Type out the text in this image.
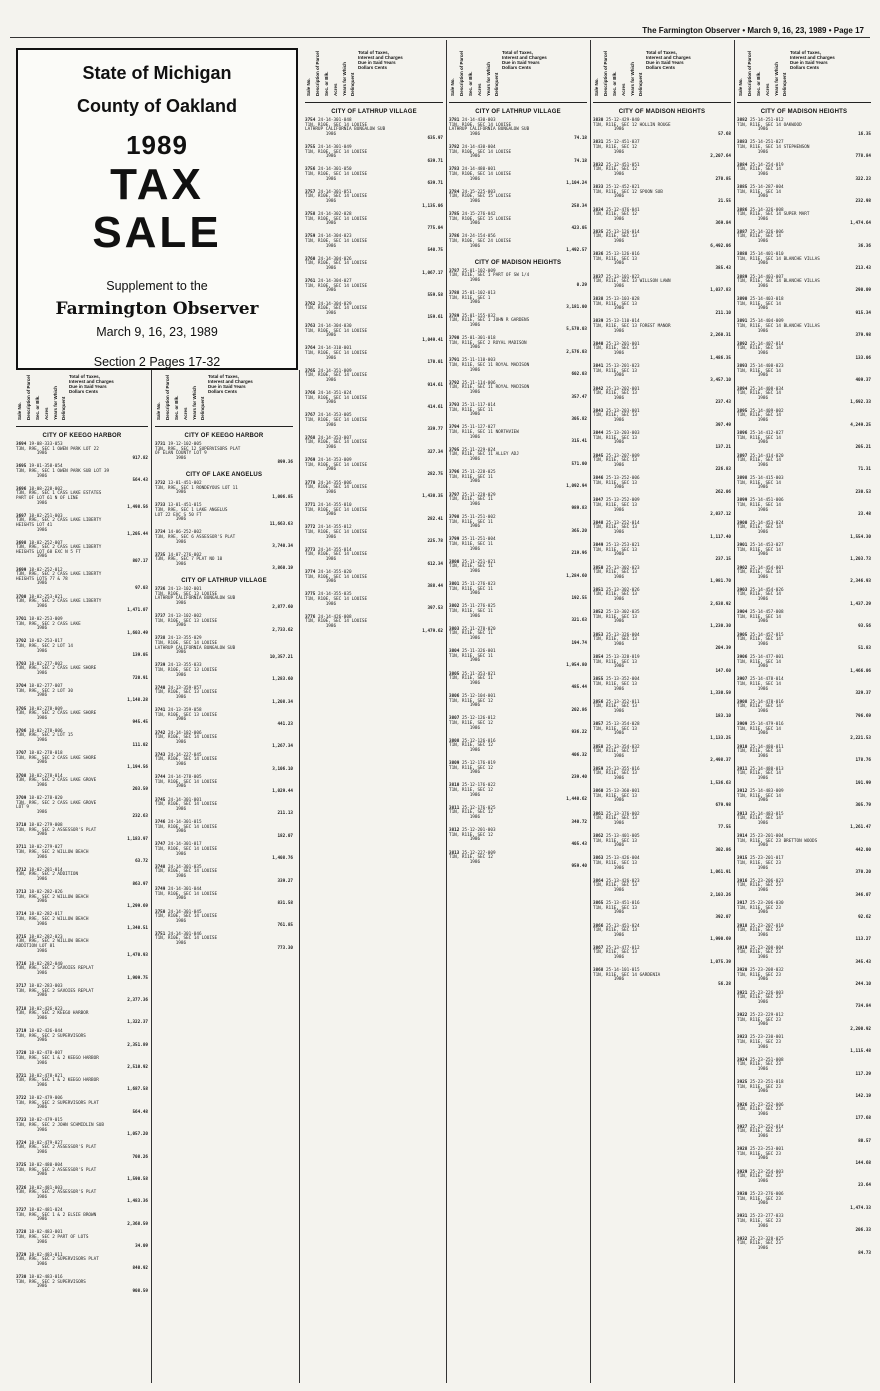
The Farmington Observer • March 9, 16, 23, 1989 • Page 17
State of Michigan
County of Oakland
1989
TAX
SALE
Supplement to the
Farmington Observer
March 9, 16, 23, 1989
Section 2 Pages 17-32
Sale No. Description of Parcel Sec. or Blk. Acres Years for Which Delinquent
Total of Taxes, Interest and Charges Due in Said Years Dollars Cents
CITY OF KEEGO HARBOR
3694 19-08-333-053
T3N, R9E, SEC 1 OWEN PARK LOT 22
1986
917.82
3695 19-01-358-054
T3N, R9E, SEC 1 OWEN PARK SUB LOT 39
1986
564.43
3696 18-08-228-002
T3N, R9E, SEC 1 CASS LAKE ESTATES
PART OF LOT 61 N OF LINE
1986
1,498.56
3697 18-02-251-003
T3N, R9E, SEC 2 CASS LAKE LIBERTY
HEIGHTS LOT 41
1986
1,205.44
3698 18-02-252-007
T3N, R9E, SEC 2 CASS LAKE LIBERTY
HEIGHTS LOT 68 EXC N 5 FT
1986
807.17
3699 18-02-252-012
T3N, R9E, SEC 2 CASS LAKE LIBERTY
HEIGHTS LOTS 77 & 78
1986
97.03
3700 18-02-253-021
T3N, R9E, SEC 2 CASS LAKE LIBERTY
1986
1,471.07
3701 18-02-253-009
T3N, R9E, SEC 2 CASS LAKE
1986
1,603.49
3702 18-02-253-017
T3N, R9E, SEC 2 LOT 14
1986
139.05
3703 18-02-277-002
T3N, R9E, SEC 2 CASS LAKE SHORE
1986
720.91
3704 18-02-277-007
T3N, R9E, SEC 2 LOT 30
1986
1,148.28
3705 18-02-278-009
T3N, R9E, SEC 2 CASS LAKE SHORE
1986
945.45
3706 18-02-278-006
T3N, R9E, SEC 2 LOT 15
1986
111.02
3707 18-02-278-018
T3N, R9E, SEC 2 CASS LAKE SHORE
1986
1,194.56
3708 18-02-278-014
T3N, R9E, SEC 2 CASS LAKE GROVE
1986
203.59
3709 18-02-278-020
T3N, R9E, SEC 2 CASS LAKE GROVE
LOT 9
1986
232.63
3710 18-02-279-008
T3N, R9E, SEC 2 ASSESSOR'S PLAT
1986
1,183.97
3711 18-02-279-027
T3N, R9E, SEC 2 WILLOW BEACH
1986
63.72
3712 18-02-281-014
T3N, R9E, SEC 2 ADDITION
1986
863.97
3713 18-02-282-026
T3N, R9E, SEC 2 WILLOW BEACH
1986
1,299.69
3714 18-02-282-017
T3N, R9E, SEC 2 WILLOW BEACH
1986
1,340.51
3715 18-02-282-023
T3N, R9E, SEC 2 WILLOW BEACH
ADDITION LOT 81
1986
1,470.93
3716 18-02-282-040
T3N, R9E, SEC 2 SAVOIES REPLAT
1986
1,909.75
3717 18-02-283-003
T3N, R9E, SEC 2 SAVOIES REPLAT
1986
2,377.36
3718 18-02-426-023
T3N, R9E, SEC 2 KEEGO HARBOR
1986
1,322.37
3719 18-02-426-044
T3N, R9E, SEC 2 SUPERVISORS
1986
2,351.89
3720 18-02-478-007
T3N, R9E, SEC 1 & 2 KEEGO HARBOR
1986
2,510.92
3721 18-02-478-021
T3N, R9E, SEC 1 & 2 KEEGO HARBOR
1986
1,687.58
3722 18-02-479-006
T3N, R9E, SEC 2 SUPERVISORS PLAT
1986
564.48
3723 18-02-479-015
T3N, R9E, SEC 2 JOHN SCHMIDLIN SUB
1986
1,057.20
3724 18-02-479-027
T3N, R9E, SEC 2 ASSESSOR'S PLAT
1986
708.26
3725 18-02-480-004
T3N, R9E, SEC 2 ASSESSOR'S PLAT
1986
1,590.58
3726 18-02-481-003
T3N, R9E, SEC 2 ASSESSOR'S PLAT
1986
1,483.36
3727 18-02-481-024
T3N, R9E, SEC 1 & 2 ELSIE BROWN
1986
2,368.59
3728 18-02-483-001
T3N, R9E, SEC 2 PART OF LOTS
1986
34.09
3729 18-02-483-011
T3N, R9E, SEC 2 SUPERVISORS PLAT
1986
840.92
3730 18-02-483-016
T3N, R9E, SEC 2 SUPERVISORS
1986
908.59
Sale No. Description of Parcel Sec. or Blk. Acres Years for Which Delinquent
Total of Taxes, Interest and Charges Due in Said Years Dollars Cents
CITY OF KEEGO HARBOR
3731 19-12-102-005
T3N, R9E, SEC 12 SUPERVISORS PLAT
OF ELAN COUNTY LOT 9
1986
899.36
CITY OF LAKE ANGELUS
3732 13-01-451-002
T3N, R9E, SEC 1 RONDEYOUS LOT 11
1986
1,006.85
3733 13-01-451-015
T3N, R9E, SEC 1 LAKE ANGELUS
LOT 22 EXC S 50 FT
1986
11,663.63
3734 14-06-252-002
T3N, R9E, SEC 6 ASSESSOR'S PLAT
1986
3,740.34
3735 14-07-276-002
T3N, R9E, SEC 7 PLAT NO 10
1986
3,860.19
CITY OF LATHRUP VILLAGE
3736 24-13-102-001
T1N, R10E, SEC 13 LOUISE
LATHRUP CALIFORNIA BUNGALOW SUB
1986
2,877.60
3737 24-13-102-002
T1N, R10E, SEC 13 LOUISE
1986
2,733.62
3738 24-13-355-029
T1N, R10E, SEC 14 LOUISE
LATHRUP CALIFORNIA BUNGALOW SUB
1986
10,357.21
3739 24-13-355-033
T1N, R10E, SEC 13 LOUISE
1986
1,283.60
3740 24-13-359-057
T1N, R10E, SEC 13 LOUISE
1986
1,208.34
3741 24-13-359-058
T1N, R10E, SEC 13 LOUISE
1986
441.23
3742 24-14-182-006
T1N, R10E, SEC 14 LOUISE
1986
1,267.34
3743 24-14-227-045
T1N, R10E, SEC 14 LOUISE
1986
3,106.10
3744 24-14-278-005
T1N, R10E, SEC 14 LOUISE
1986
1,029.44
3745 24-14-301-001
T1N, R10E, SEC 14 LOUISE
1986
211.13
3746 24-14-301-015
T1N, R10E, SEC 14 LOUISE
1986
182.07
3747 24-14-301-017
T1N, R10E, SEC 14 LOUISE
1986
1,408.76
3748 24-14-301-035
T1N, R10E, SEC 14 LOUISE
1986
339.27
3749 24-14-301-044
T1N, R10E, SEC 14 LOUISE
1986
831.58
3750 24-14-301-045
T1N, R10E, SEC 14 LOUISE
1986
761.85
3751 24-14-301-046
T1N, R10E, SEC 14 LOUISE
1986
773.30
Sale No. Description of Parcel Sec. or Blk. Acres Years for Which Delinquent
Total of Taxes, Interest and Charges Due in Said Years Dollars Cents
CITY OF LATHRUP VILLAGE
3754 24-14-301-048
T1N, R10E, SEC 14 LOUISE
LATHRUP CALIFORNIA BUNGALOW SUB
1986
635.97
3755 24-14-301-049
T1N, R10E, SEC 14 LOUISE
1986
639.71
3756 24-14-301-050
T1N, R10E, SEC 14 LOUISE
1986
639.71
3757 24-14-301-051
T1N, R10E, SEC 14 LOUISE
1986
1,135.06
3758 24-14-302-028
T1N, R10E, SEC 14 LOUISE
1986
775.04
3759 24-14-304-023
T1N, R10E, SEC 14 LOUISE
1986
540.75
3760 24-14-304-026
T1N, R10E, SEC 14 LOUISE
1986
1,067.17
3761 24-14-304-027
T1N, R10E, SEC 14 LOUISE
1986
559.58
3762 24-14-304-029
T1N, R10E, SEC 14 LOUISE
1986
159.61
3763 24-14-304-030
T1N, R10E, SEC 14 LOUISE
1986
1,049.41
3764 24-14-310-001
T1N, R10E, SEC 14 LOUISE
1986
170.01
3765 24-14-351-009
T1N, R10E, SEC 14 LOUISE
1986
914.61
3766 24-14-351-024
T1N, R10E, SEC 14 LOUISE
1986
414.61
3767 24-14-353-005
T1N, R10E, SEC 14 LOUISE
1986
339.77
3768 24-14-353-007
T1N, R10E, SEC 14 LOUISE
1986
327.34
3769 24-14-353-009
T1N, R10E, SEC 14 LOUISE
1986
282.75
3770 24-14-355-006
T1N, R10E, SEC 14 LOUISE
1986
1,430.35
3771 24-14-355-010
T1N, R10E, SEC 14 LOUISE
1986
282.41
3772 24-14-355-012
T1N, R10E, SEC 14 LOUISE
1986
225.78
3773 24-14-355-014
T1N, R10E, SEC 14 LOUISE
1986
612.34
3774 24-14-355-020
T1N, R10E, SEC 14 LOUISE
1986
388.44
3775 24-14-355-035
T1N, R10E, SEC 14 LOUISE
1986
397.53
3776 24-14-426-008
T1N, R10E, SEC 14 LOUISE
1986
1,479.62
Sale No. Description of Parcel Sec. or Blk. Acres Years for Which Delinquent
Total of Taxes, Interest and Charges Due in Said Years Dollars Cents
CITY OF LATHRUP VILLAGE
3781 24-14-430-003
T1N, R10E, SEC 14 LOUISE
LATHRUP CALIFORNIA BUNGALOW SUB
1986
74.18
3782 24-14-430-004
T1N, R10E, SEC 14 LOUISE
1986
74.18
3783 24-14-480-001
T1N, R10E, SEC 14 LOUISE
1986
1,104.24
3784 24-15-225-003
T1N, R10E, SEC 15 LOUISE
1986
258.34
3785 24-15-276-042
T1N, R10E, SEC 15 LOUISE
1986
423.05
3786 24-24-154-056
T1N, R10E, SEC 24 LOUISE
1986
1,492.57
CITY OF MADISON HEIGHTS
3787 25-01-102-009
T1N, R11E, SEC 1 PART OF SW 1/4
1986
0.29
3788 25-01-102-013
T1N, R11E, SEC 1
1986
3,181.00
3789 25-01-155-032
T1N, R11E, SEC 1 JOHN R GARDENS
1986
5,570.03
3790 25-01-301-018
T1N, R11E, SEC 2 ROYAL MADISON
1986
2,576.03
3791 25-11-110-003
T1N, R11E, SEC 11 ROYAL MADISON
1986
602.03
3792 25-11-114-006
T1N, R11E, SEC 11 ROYAL MADISON
1986
357.47
3793 25-11-117-014
T1N, R11E, SEC 11
1986
305.82
3794 25-11-127-027
T1N, R11E, SEC 11 NORTHVIEW
1986
315.41
3795 25-11-229-024
T1N, R11E, SEC 11 ALLEY ADJ
1986
571.00
3796 25-11-228-025
T1N, R11E, SEC 11
1986
1,092.94
3797 25-11-228-029
T1N, R11E, SEC 11
1986
989.83
3798 25-11-251-002
T1N, R11E, SEC 11
1986
365.20
3799 25-11-251-004
T1N, R11E, SEC 11
1986
219.96
3800 25-11-251-021
T1N, R11E, SEC 11
1986
1,284.60
3801 25-11-276-023
T1N, R11E, SEC 11
1986
192.55
3802 25-11-276-025
T1N, R11E, SEC 11
1986
321.63
3803 25-11-278-020
T1N, R11E, SEC 11
1986
194.74
3804 25-11-326-001
T1N, R11E, SEC 11
1986
1,954.80
3805 25-11-353-021
T1N, R11E, SEC 11
1986
485.44
3806 25-12-104-001
T1N, R11E, SEC 12
1986
202.86
3807 25-12-126-012
T1N, R11E, SEC 12
1986
936.22
3808 25-12-126-016
T1N, R11E, SEC 12
1986
406.32
3809 25-12-176-019
T1N, R11E, SEC 12
1986
239.40
3810 25-12-176-022
T1N, R11E, SEC 12
1986
1,440.62
3811 25-12-176-025
T1N, R11E, SEC 12
1986
340.72
3812 25-12-201-003
T1N, R11E, SEC 12
1986
405.43
3813 25-12-227-009
T1N, R11E, SEC 12
1986
959.40
Sale No. Description of Parcel Sec. or Blk. Acres Years for Which Delinquent
Total of Taxes, Interest and Charges Due in Said Years Dollars Cents
CITY OF MADISON HEIGHTS
3830 25-12-429-040
T1N, R11E, SEC 12 HOLLIN ROUGE
1986
57.68
3831 25-12-451-037
T1N, R11E, SEC 12
1986
2,207.64
3832 25-12-451-051
T1N, R11E, SEC 12
1986
270.85
3833 25-12-452-021
T1N, R11E, SEC 12 SPOON SUB
1986
21.55
3834 25-12-476-041
T1N, R11E, SEC 12
1986
369.84
3835 25-13-126-014
T1N, R11E, SEC 13
1986
6,492.06
3836 25-13-126-016
T1N, R11E, SEC 13
1986
385.43
3837 25-13-101-022
T1N, R11E, SEC 13 WILLSON LAWN
1986
1,037.83
3838 25-13-103-028
T1N, R11E, SEC 13
1986
211.10
3839 25-13-110-014
T1N, R11E, SEC 13 FOREST MANOR
1986
2,260.31
3840 25-13-201-001
T1N, R11E, SEC 13
1986
1,486.35
3841 25-13-201-023
T1N, R11E, SEC 13
1986
3,457.10
3842 25-13-202-001
T1N, R11E, SEC 13
1986
237.43
3843 25-13-203-001
T1N, R11E, SEC 13
1986
397.49
3844 25-13-203-003
T1N, R11E, SEC 13
1986
137.21
3845 25-13-207-009
T1N, R11E, SEC 13
1986
226.83
3846 25-13-252-006
T1N, R11E, SEC 13
1986
262.06
3847 25-13-252-009
T1N, R11E, SEC 13
1986
2,037.12
3848 25-13-252-014
T1N, R11E, SEC 13
1986
1,117.40
3849 25-13-253-021
T1N, R11E, SEC 13
1986
237.15
3850 25-13-302-023
T1N, R11E, SEC 13
1986
1,981.70
3851 25-13-302-026
T1N, R11E, SEC 13
1986
2,638.92
3852 25-13-302-035
T1N, R11E, SEC 13
1986
1,230.30
3853 25-13-326-004
T1N, R11E, SEC 13
1986
204.39
3854 25-13-328-019
T1N, R11E, SEC 13
1986
147.60
3855 25-13-352-004
T1N, R11E, SEC 13
1986
1,330.59
3856 25-13-352-011
T1N, R11E, SEC 13
1986
183.10
3857 25-13-354-028
T1N, R11E, SEC 13
1986
1,133.25
3858 25-13-354-032
T1N, R11E, SEC 13
1986
2,498.37
3859 25-13-355-016
T1N, R11E, SEC 13
1986
1,536.63
3860 25-13-360-001
T1N, R11E, SEC 13
1986
679.98
3861 25-13-376-002
T1N, R11E, SEC 13
1986
77.55
3862 25-13-401-005
T1N, R11E, SEC 13
1986
302.86
3863 25-13-426-004
T1N, R11E, SEC 13
1986
1,061.91
3864 25-13-426-023
T1N, R11E, SEC 13
1986
2,103.26
3865 25-13-451-016
T1N, R11E, SEC 13
1986
392.07
3866 25-13-451-024
T1N, R11E, SEC 13
1986
1,990.69
3867 25-13-477-012
T1N, R11E, SEC 13
1986
1,075.39
3868 25-14-101-015
T1N, R11E, SEC 14 GARDENIA
1986
56.28
Sale No. Description of Parcel Sec. or Blk. Acres Years for Which Delinquent
Total of Taxes, Interest and Charges Due in Said Years Dollars Cents
CITY OF MADISON HEIGHTS
3882 25-14-251-012
T1N, R11E, SEC 14 OAKWOOD
1986
16.35
3883 25-14-251-027
T1N, R11E, SEC 14 STEPHENSON
1986
778.84
3884 25-14-254-019
T1N, R11E, SEC 14
1986
322.23
3885 25-14-287-004
T1N, R11E, SEC 14
1986
232.98
3886 25-14-326-008
T1N, R11E, SEC 14 SUPER MART
1986
1,474.64
3887 25-14-326-006
T1N, R11E, SEC 14
1986
36.36
3888 25-14-401-010
T1N, R11E, SEC 14 BLANCHE VILLAS
1986
213.43
3889 25-14-403-007
T1N, R11E, SEC 14 BLANCHE VILLAS
1986
290.09
3890 25-14-403-018
T1N, R11E, SEC 14
1986
915.34
3891 25-14-404-009
T1N, R11E, SEC 14 BLANCHE VILLAS
1986
379.98
3892 25-14-407-014
T1N, R11E, SEC 14
1986
133.06
3893 25-14-408-023
T1N, R11E, SEC 14
1986
409.37
3894 25-14-408-034
T1N, R11E, SEC 14
1986
1,692.33
3895 25-14-409-002
T1N, R11E, SEC 14
1986
4,249.25
3896 25-14-412-027
T1N, R11E, SEC 14
1986
205.21
3897 25-14-414-020
T1N, R11E, SEC 14
1986
71.31
3898 25-14-415-003
T1N, R11E, SEC 14
1986
230.53
3899 25-14-451-006
T1N, R11E, SEC 14
1986
23.48
3900 25-14-453-024
T1N, R11E, SEC 14
1986
1,554.30
3901 25-14-453-027
T1N, R11E, SEC 14
1986
1,203.73
3902 25-14-454-001
T1N, R11E, SEC 14
1986
2,346.93
3903 25-14-454-026
T1N, R11E, SEC 14
1986
1,437.29
3904 25-14-457-008
T1N, R11E, SEC 14
1986
93.56
3905 25-14-457-015
T1N, R11E, SEC 14
1986
51.83
3906 25-14-477-001
T1N, R11E, SEC 14
1986
1,466.06
3907 25-14-478-014
T1N, R11E, SEC 14
1986
329.37
3908 25-14-478-016
T1N, R11E, SEC 14
1986
796.69
3909 25-14-479-016
T1N, R11E, SEC 14
1986
2,221.53
3910 25-14-480-011
T1N, R11E, SEC 14
1986
178.76
3911 25-14-480-013
T1N, R11E, SEC 14
1986
191.99
3912 25-14-483-009
T1N, R11E, SEC 14
1986
305.79
3913 25-14-483-015
T1N, R11E, SEC 14
1986
1,261.47
3914 25-23-201-004
T1N, R11E, SEC 23 BRETTON WOODS
1986
442.00
3915 25-23-201-017
T1N, R11E, SEC 23
1986
370.20
3916 25-23-206-023
T1N, R11E, SEC 23
1986
346.07
3917 25-23-206-030
T1N, R11E, SEC 23
1986
92.62
3918 25-23-207-010
T1N, R11E, SEC 23
1986
113.27
3919 25-23-208-004
T1N, R11E, SEC 23
1986
345.43
3920 25-23-208-032
T1N, R11E, SEC 23
1986
244.10
3921 25-23-226-003
T1N, R11E, SEC 23
1986
734.84
3922 25-23-229-012
T1N, R11E, SEC 23
1986
2,200.92
3923 25-23-230-001
T1N, R11E, SEC 23
1986
1,115.48
3924 25-23-251-008
T1N, R11E, SEC 23
1986
117.29
3925 25-23-251-018
T1N, R11E, SEC 23
1986
142.19
3926 25-23-252-006
T1N, R11E, SEC 23
1986
177.68
3927 25-23-252-014
T1N, R11E, SEC 23
1986
80.57
3928 25-23-253-001
T1N, R11E, SEC 23
1986
144.68
3929 25-23-254-003
T1N, R11E, SEC 23
1986
23.64
3930 25-23-276-006
T1N, R11E, SEC 23
1986
1,474.33
3931 25-23-277-033
T1N, R11E, SEC 23
1986
206.33
3932 25-23-328-025
T1N, R11E, SEC 23
1986
84.73
